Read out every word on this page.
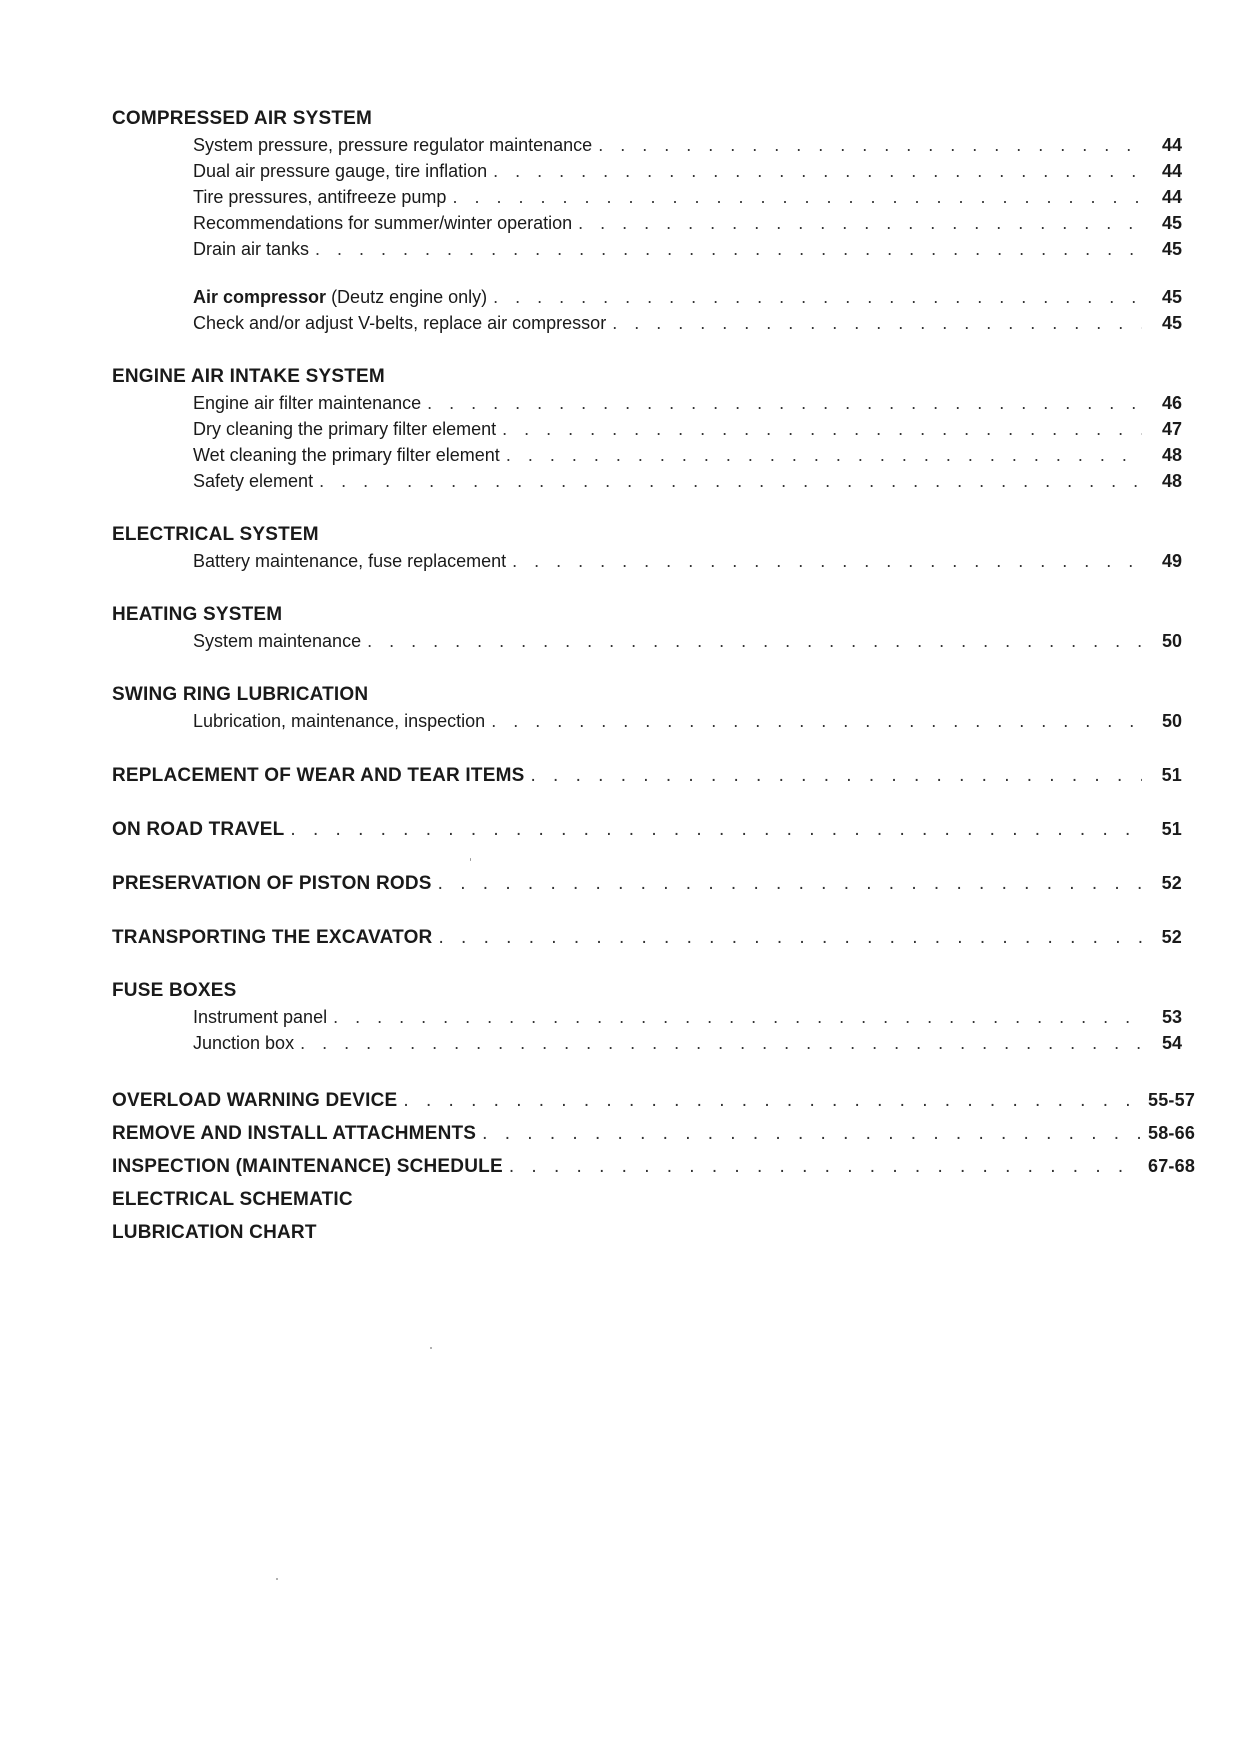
COMPRESSED AIR SYSTEM
System pressure, pressure regulator maintenance . . .	44
Dual air pressure gauge, tire inflation . . .	44
Tire pressures, antifreeze pump . . .	44
Recommendations for summer/winter operation . . .	45
Drain air tanks . . .	45
Air compressor (Deutz engine only) . . .	45
Check and/or adjust V-belts, replace air compressor . . .	45
ENGINE AIR INTAKE SYSTEM
Engine air filter maintenance . . .	46
Dry cleaning the primary filter element . . .	47
Wet cleaning the primary filter element . . .	48
Safety element . . .	48
ELECTRICAL SYSTEM
Battery maintenance, fuse replacement . . .	49
HEATING SYSTEM
System maintenance . . .	50
SWING RING LUBRICATION
Lubrication, maintenance, inspection . . .	50
REPLACEMENT OF WEAR AND TEAR ITEMS . . .	51
ON ROAD TRAVEL . . .	51
PRESERVATION OF PISTON RODS . . .	52
TRANSPORTING THE EXCAVATOR . . .	52
FUSE BOXES
Instrument panel . . .	53
Junction box . . .	54
OVERLOAD WARNING DEVICE . . .	55-57
REMOVE AND INSTALL ATTACHMENTS . . .	58-66
INSPECTION (MAINTENANCE) SCHEDULE . . .	67-68
ELECTRICAL SCHEMATIC
LUBRICATION CHART
